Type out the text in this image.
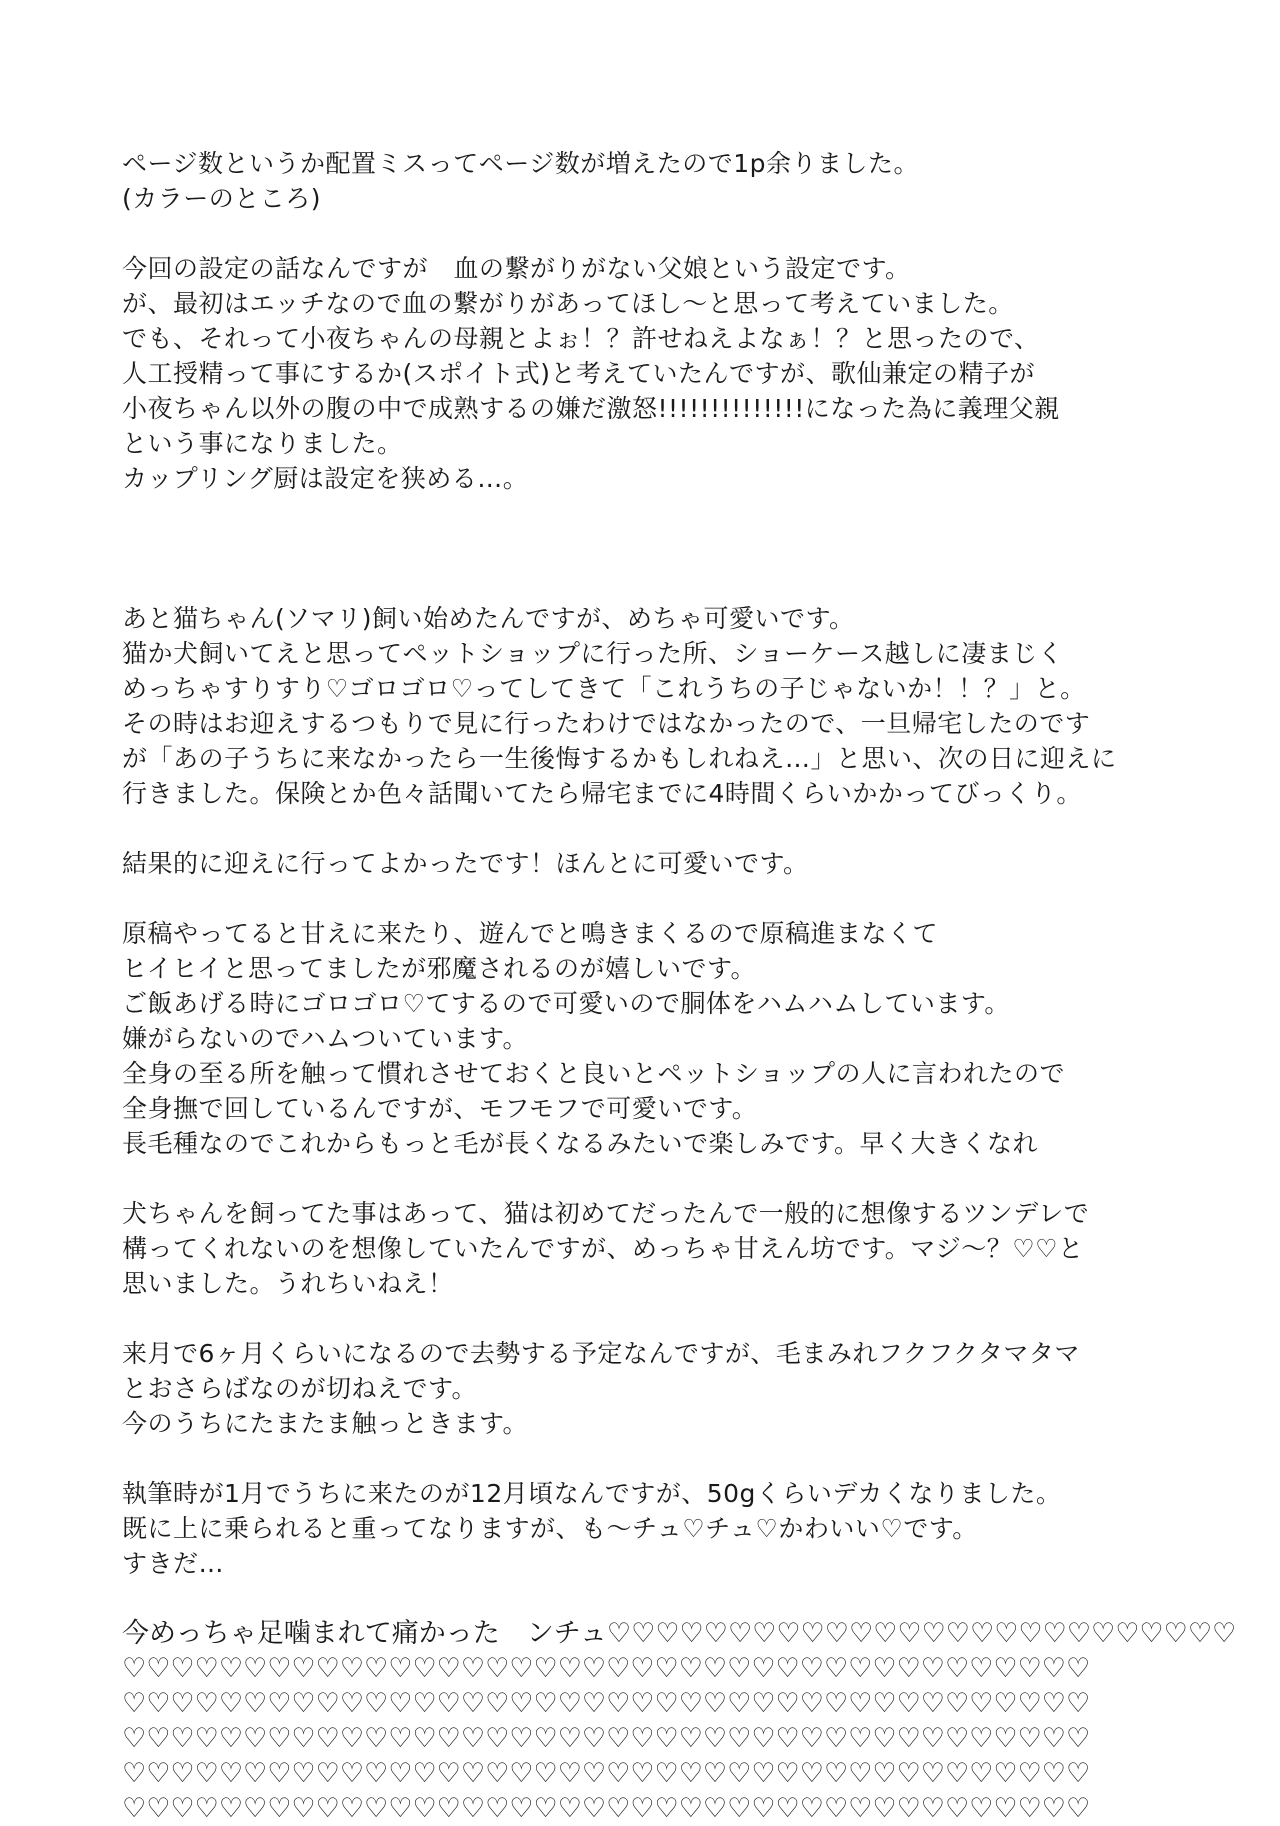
ページ数というか配置ミスってページ数が増えたので1p余りました。
(カラーのところ)
今回の設定の話なんですが　血の繋がりがない父娘という設定です。
が、最初はエッチなので血の繋がりがあってほし〜と思って考えていました。
でも、それって小夜ちゃんの母親とよぉ！？許せねえよなぁ！？と思ったので、
人工授精って事にするか(スポイト式)と考えていたんですが、歌仙兼定の精子が
小夜ちゃん以外の腹の中で成熟するの嫌だ激怒!!!!!!!!!!!!!!になった為に義理父親
という事になりました。
カップリング厨は設定を狭める…。
あと猫ちゃん(ソマリ)飼い始めたんですが、めちゃ可愛いです。
猫か犬飼いてえと思ってペットショップに行った所、ショーケース越しに凄まじく
めっちゃすりすり♡ゴロゴロ♡ってしてきて「これうちの子じゃないか！！？」と。
その時はお迎えするつもりで見に行ったわけではなかったので、一旦帰宅したのです
が「あの子うちに来なかったら一生後悔するかもしれねえ…」と思い、次の日に迎えに
行きました。保険とか色々話聞いてたら帰宅までに4時間くらいかかってびっくり。
結果的に迎えに行ってよかったです！ほんとに可愛いです。
原稿やってると甘えに来たり、遊んでと鳴きまくるので原稿進まなくて
ヒイヒイと思ってましたが邪魔されるのが嬉しいです。
ご飯あげる時にゴロゴロ♡てするので可愛いので胴体をハムハムしています。
嫌がらないのでハムついています。
全身の至る所を触って慣れさせておくと良いとペットショップの人に言われたので
全身撫で回しているんですが、モフモフで可愛いです。
長毛種なのでこれからもっと毛が長くなるみたいで楽しみです。早く大きくなれ
犬ちゃんを飼ってた事はあって、猫は初めてだったんで一般的に想像するツンデレで
構ってくれないのを想像していたんですが、めっちゃ甘えん坊です。マジ〜？♡♡と
思いました。うれちいねえ！
来月で6ヶ月くらいになるので去勢する予定なんですが、毛まみれフクフクタマタマ
とおさらばなのが切ねえです。
今のうちにたまたま触っときます。
執筆時が1月でうちに来たのが12月頃なんですが、50gくらいデカくなりました。
既に上に乗られると重ってなりますが、も〜チュ♡チュ♡かわいい♡です。
すきだ…
今めっちゃ足噛まれて痛かった　ンチュ♡♡♡♡♡♡♡♡♡♡♡♡♡♡♡♡♡♡♡♡♡♡♡♡♡♡
♡♡♡♡♡♡♡♡♡♡♡♡♡♡♡♡♡♡♡♡♡♡♡♡♡♡♡♡♡♡♡♡♡♡♡♡♡♡♡♡
♡♡♡♡♡♡♡♡♡♡♡♡♡♡♡♡♡♡♡♡♡♡♡♡♡♡♡♡♡♡♡♡♡♡♡♡♡♡♡♡
♡♡♡♡♡♡♡♡♡♡♡♡♡♡♡♡♡♡♡♡♡♡♡♡♡♡♡♡♡♡♡♡♡♡♡♡♡♡♡♡
♡♡♡♡♡♡♡♡♡♡♡♡♡♡♡♡♡♡♡♡♡♡♡♡♡♡♡♡♡♡♡♡♡♡♡♡♡♡♡♡
♡♡♡♡♡♡♡♡♡♡♡♡♡♡♡♡♡♡♡♡♡♡♡♡♡♡♡♡♡♡♡♡♡♡♡♡♡♡♡♡
